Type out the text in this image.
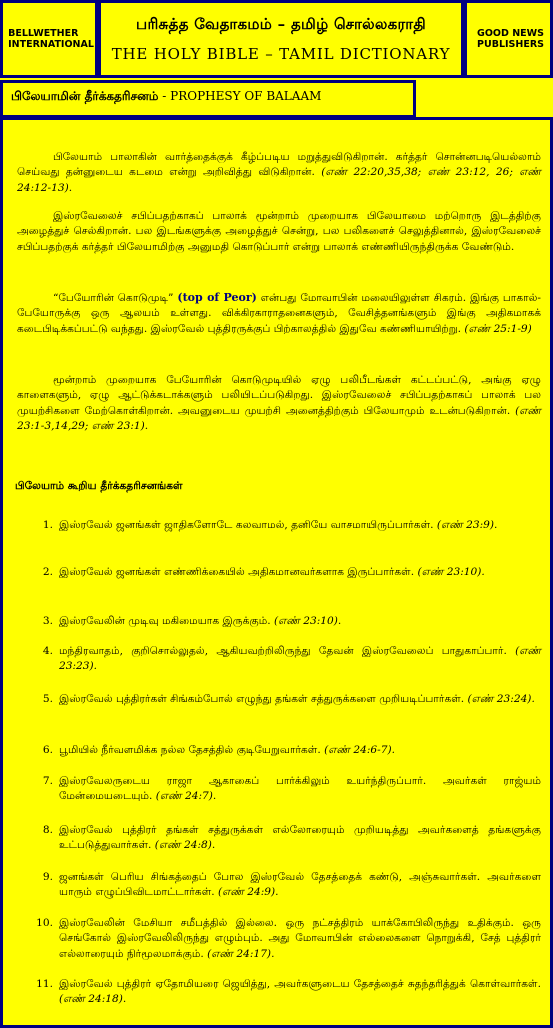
BELLWETHER
INTERNATIONAL
பரிசுத்த வேதாகமம் – தமிழ் சொல்லகராதி
THE HOLY BIBLE – TAMIL DICTIONARY
GOOD NEWS
PUBLISHERS
பிலேயாமின் தீர்க்கதரிசனம் - PROPHESY OF BALAAM
பிலேயாம் பாலாகின் வார்த்தைக்குக் கீழ்ப்படிய மறுத்துவிடுகிறான். கர்த்தர் சொன்னபடியெல்லாம் செய்வது தன்னுடைய கடமை என்று அறிவித்து விடுகிறான். (எண் 22:20,35,38; எண் 23:12, 26; எண் 24:12-13).
இஸ்ரவேலைச் சபிப்பதற்காகப் பாலாக் மூன்றாம் முறையாக பிலேயாமை மற்றொரு இடத்திற்கு அழைத்துச் செல்கிறான். பல இடங்களுக்கு அழைத்துச் சென்று, பல பலிகளைச் செலுத்தினால், இஸ்ரவேலைச் சபிப்பதற்குக் கர்த்தர் பிலேயாமிற்கு அனுமதி கொடுப்பார் என்று பாலாக் எண்ணியிருந்திருக்க வேண்டும்.
“பேயோரின் கொடுமுடி” (top of Peor) என்பது மோவாபின் மலையிலுள்ள சிகரம். இங்கு பாகால்-பேயோருக்கு ஒரு ஆலயம் உள்ளது. விக்கிரகாராதனைகளும், வேசித்தனங்களும் இங்கு அதிகமாகக் கடைபிடிக்கப்பட்டு வந்தது. இஸ்ரவேல் புத்திரருக்குப் பிற்காலத்தில் இதுவே கண்ணியாயிற்று. (எண் 25:1-9)
மூன்றாம் முறையாக பேயோரின் கொடுமுடியில் ஏழு பலிபீடங்கள் கட்டப்பட்டு, அங்கு ஏழு காளைகளும், ஏழு ஆட்டுக்கடாக்களும் பலியிடப்படுகிறது. இஸ்ரவேலைச் சபிப்பதற்காகப் பாலாக் பல முயற்சிகளை மேற்கொள்கிறான். அவனுடைய முயற்சி அனைத்திற்கும் பிலேயாமும் உடன்படுகிறான். (எண் 23:1-3,14,29; எண் 23:1).
பிலேயாம் கூறிய தீர்க்கதரிசனங்கள்
1. இஸ்ரவேல் ஜனங்கள் ஜாதிகளோடே கலவாமல், தனியே வாசமாயிருப்பார்கள். (எண் 23:9).
2. இஸ்ரவேல் ஜனங்கள் எண்ணிக்கையில் அதிகமானவர்களாக இருப்பார்கள். (எண் 23:10).
3. இஸ்ரவேலின் முடிவு மகிமையாக இருக்கும். (எண் 23:10).
4. மந்திரவாதம், குறிசொல்லுதல், ஆகியவற்றிலிருந்து தேவன் இஸ்ரவேலைப் பாதுகாப்பார். (எண் 23:23).
5. இஸ்ரவேல் புத்திரர்கள் சிங்கம்போல் எழுந்து தங்கள் சத்துருக்களை முறியடிப்பார்கள். (எண் 23:24).
6. பூமியில் நீர்வளமிக்க நல்ல தேசத்தில் குடியேறுவார்கள். (எண் 24:6-7).
7. இஸ்ரவேலருடைய ராஜா ஆகாகைப் பார்க்கிலும் உயர்ந்திருப்பார். அவர்கள் ராஜ்யம் மேன்மையடையும். (எண் 24:7).
8. இஸ்ரவேல் புத்திரர் தங்கள் சத்துருக்கள் எல்லோரையும் முறியடித்து அவர்களைத் தங்களுக்கு உட்படுத்துவார்கள். (எண் 24:8).
9. ஜனங்கள் பெரிய சிங்கத்தைப் போல இஸ்ரவேல் தேசத்தைக் கண்டு, அஞ்சுவார்கள். அவர்களை யாரும் எழுப்பிவிடமாட்டார்கள். (எண் 24:9).
10. இஸ்ரவேலின் மேசியா சமீபத்தில் இல்லை. ஒரு நட்சத்திரம் யாக்கோபிலிருந்து உதிக்கும். ஒரு செங்கோல் இஸ்ரவேலிலிருந்து எழும்பும். அது மோவாபின் எல்லைகளை நொறுக்கி, சேத் புத்திரர் எல்லாரையும் நிர்மூலமாக்கும். (எண் 24:17).
11. இஸ்ரவேல் புத்திரர் ஏதோமியரை ஜெயித்து, அவர்களுடைய தேசத்தைச் சுதந்தரித்துக் கொள்வார்கள். (எண் 24:18).
